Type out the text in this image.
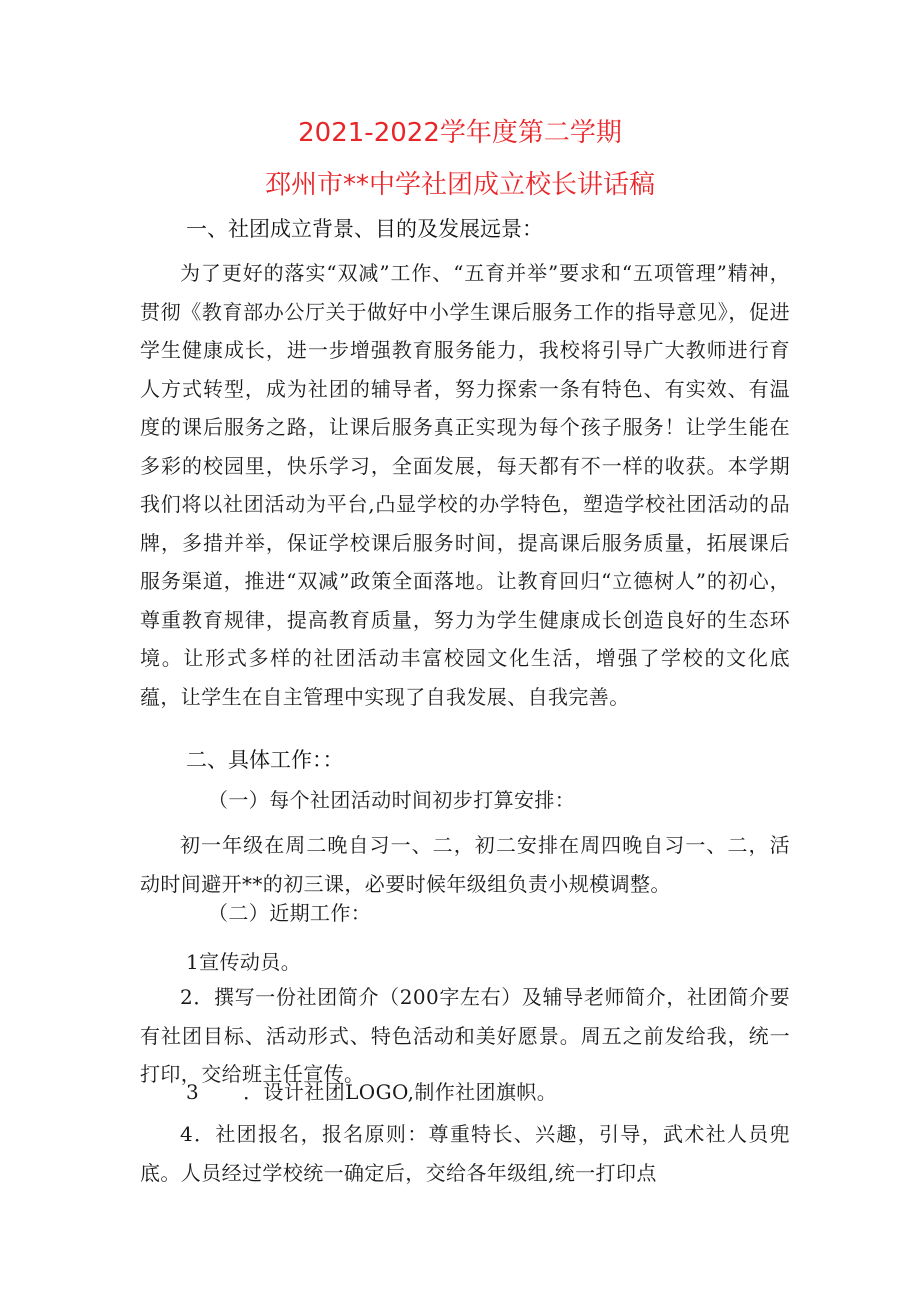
2021-2022学年度第二学期
邳州市**中学社团成立校长讲话稿
一、社团成立背景、目的及发展远景：
为了更好的落实“双减”工作、“五育并举”要求和“五项管理”精神，贯彻《教育部办公厅关于做好中小学生课后服务工作的指导意见》，促进学生健康成长，进一步增强教育服务能力，我校将引导广大教师进行育人方式转型，成为社团的辅导者，努力探索一条有特色、有实效、有温度的课后服务之路，让课后服务真正实现为每个孩子服务！让学生能在多彩的校园里，快乐学习，全面发展，每天都有不一样的收获。本学期我们将以社团活动为平台,凸显学校的办学特色，塑造学校社团活动的品牌，多措并举，保证学校课后服务时间，提高课后服务质量，拓展课后服务渠道，推进“双减”政策全面落地。让教育回归“立德树人”的初心，尊重教育规律，提高教育质量，努力为学生健康成长创造良好的生态环境。让形式多样的社团活动丰富校园文化生活，增强了学校的文化底蕴，让学生在自主管理中实现了自我发展、自我完善。
二、具体工作：：
（一）每个社团活动时间初步打算安排：
初一年级在周二晚自习一、二，初二安排在周四晚自习一、二，活动时间避开**的初三课，必要时候年级组负责小规模调整。
（二）近期工作：
1宣传动员。
2．撰写一份社团简介（200字左右）及辅导老师简介，社团简介要有社团目标、活动形式、特色活动和美好愿景。周五之前发给我，统一打印，交给班主任宣传。
3 ．设计社团LOGO,制作社团旗帜。
4．社团报名，报名原则：尊重特长、兴趣，引导，武术社人员兜底。人员经过学校统一确定后，交给各年级组,统一打印点
